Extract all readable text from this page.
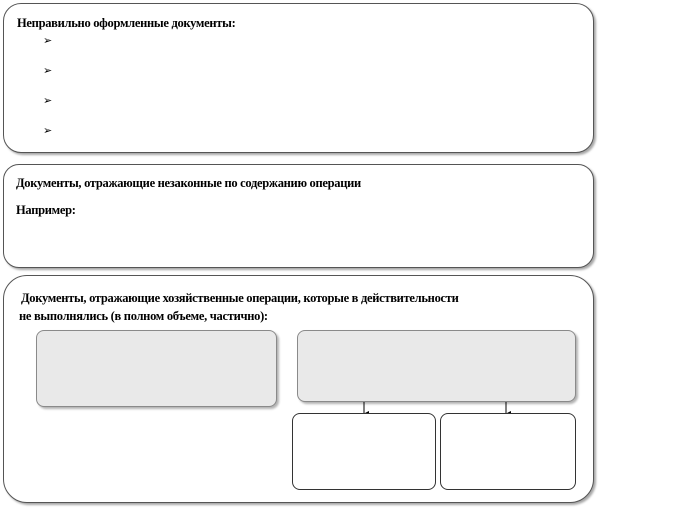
Неправильно оформленные документы:
➢
➢
➢
➢
Документы, отражающие незаконные по содержанию операции
Например:
Документы, отражающие хозяйственные операции, которые в действительности
не выполнялись (в полном объеме, частично):
